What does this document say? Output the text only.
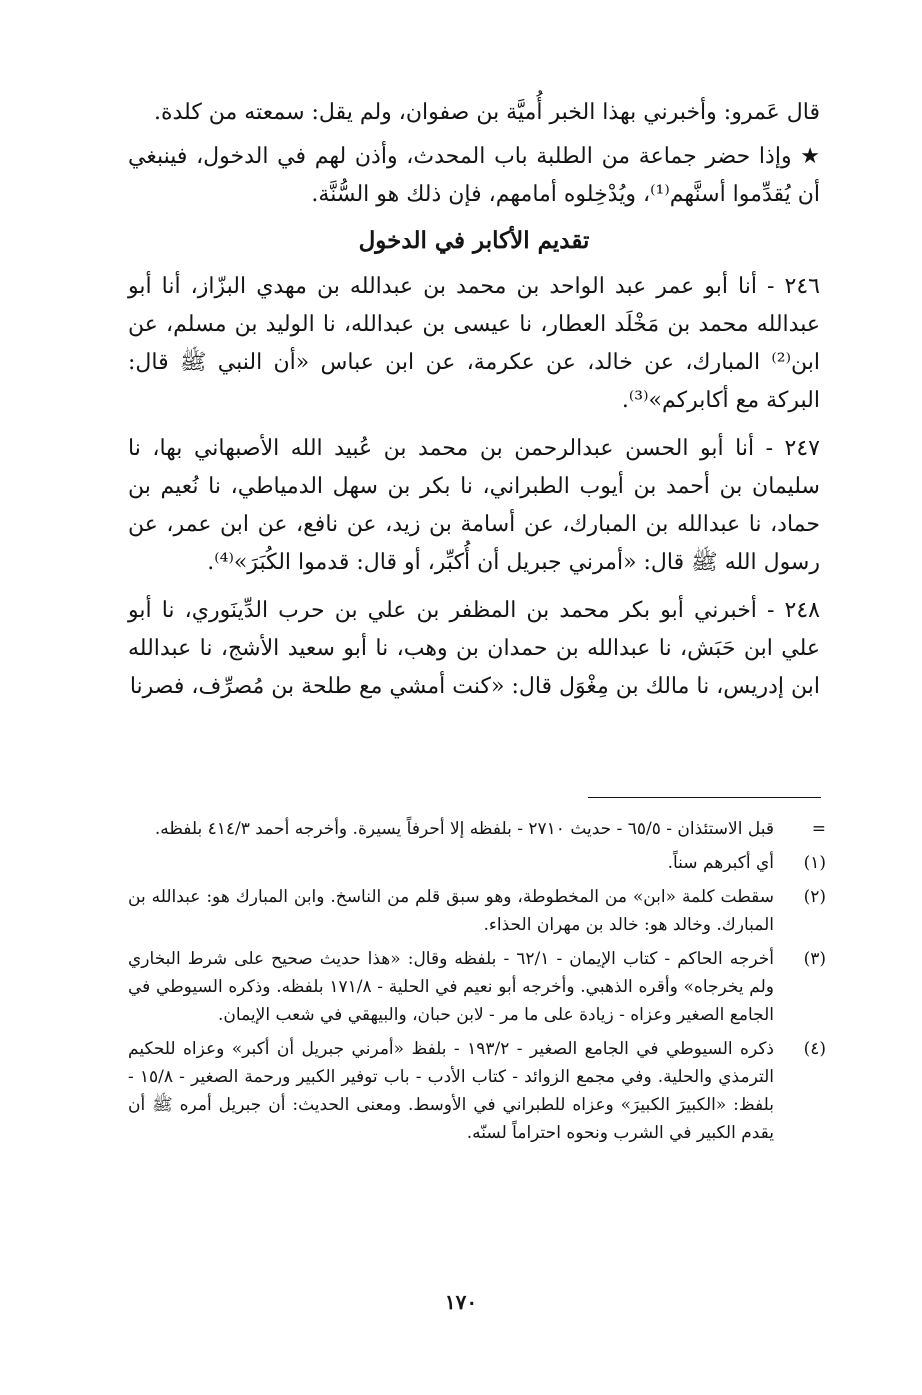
قال عَمرو: وأخبرني بهذا الخبر أُميَّة بن صفوان، ولم يقل: سمعته من كلدة.

★ وإذا حضر جماعة من الطلبة باب المحدث، وأذن لهم في الدخول، فينبغي أن يُقدِّموا أسنَّهم⁽¹⁾، ويُدْخِلوه أمامهم، فإن ذلك هو السُّنَّة.

تقديم الأكابر في الدخول

٢٤٦ - أنا أبو عمر عبد الواحد بن محمد بن عبدالله بن مهدي البزّاز، أنا أبو عبدالله محمد بن مَخْلَد العطار، نا عيسى بن عبدالله، نا الوليد بن مسلم، عن ابن⁽²⁾ المبارك، عن خالد، عن عكرمة، عن ابن عباس «أن النبي ﷺ قال: البركة مع أكابركم»⁽³⁾.

٢٤٧ - أنا أبو الحسن عبدالرحمن بن محمد بن عُبيد الله الأصبهاني بها، نا سليمان بن أحمد بن أيوب الطبراني، نا بكر بن سهل الدمياطي، نا نُعيم بن حماد، نا عبدالله بن المبارك، عن أسامة بن زيد، عن نافع، عن ابن عمر، عن رسول الله ﷺ قال: «أمرني جبريل أن أُكبِّر، أو قال: قدموا الكُبَرَ»⁽⁴⁾.

٢٤٨ - أخبرني أبو بكر محمد بن المظفر بن علي بن حرب الدِّينَوري، نا أبو علي ابن حَبَش، نا عبدالله بن حمدان بن وهب، نا أبو سعيد الأشج، نا عبدالله ابن إدريس، نا مالك بن مِغْوَل قال: «كنت أمشي مع طلحة بن مُصرِّف، فصرنا

=
قبل الاستئذان - ٦٥/٥ - حديث ٢٧١٠ - بلفظه إلا أحرفاً يسيرة. وأخرجه أحمد ٤١٤/٣ بلفظه.
(١)
أي أكبرهم سناً.
(٢)
سقطت كلمة «ابن» من المخطوطة، وهو سبق قلم من الناسخ. وابن المبارك هو: عبدالله بن المبارك. وخالد هو: خالد بن مهران الحذاء.
(٣)
أخرجه الحاكم - كتاب الإيمان - ٦٢/١ - بلفظه وقال: «هذا حديث صحيح على شرط البخاري ولم يخرجاه» وأقره الذهبي. وأخرجه أبو نعيم في الحلية - ١٧١/٨ بلفظه. وذكره السيوطي في الجامع الصغير وعزاه - زيادة على ما مر - لابن حبان، والبيهقي في شعب الإيمان.
(٤)
ذكره السيوطي في الجامع الصغير - ١٩٣/٢ - بلفظ «أمرني جبريل أن أكبر» وعزاه للحكيم الترمذي والحلية. وفي مجمع الزوائد - كتاب الأدب - باب توفير الكبير ورحمة الصغير - ١٥/٨ - بلفظ: «الكبيرَ الكبيرَ» وعزاه للطبراني في الأوسط. ومعنى الحديث: أن جبريل أمره ﷺ أن يقدم الكبير في الشرب ونحوه احتراماً لسنّه.
١٧٠
